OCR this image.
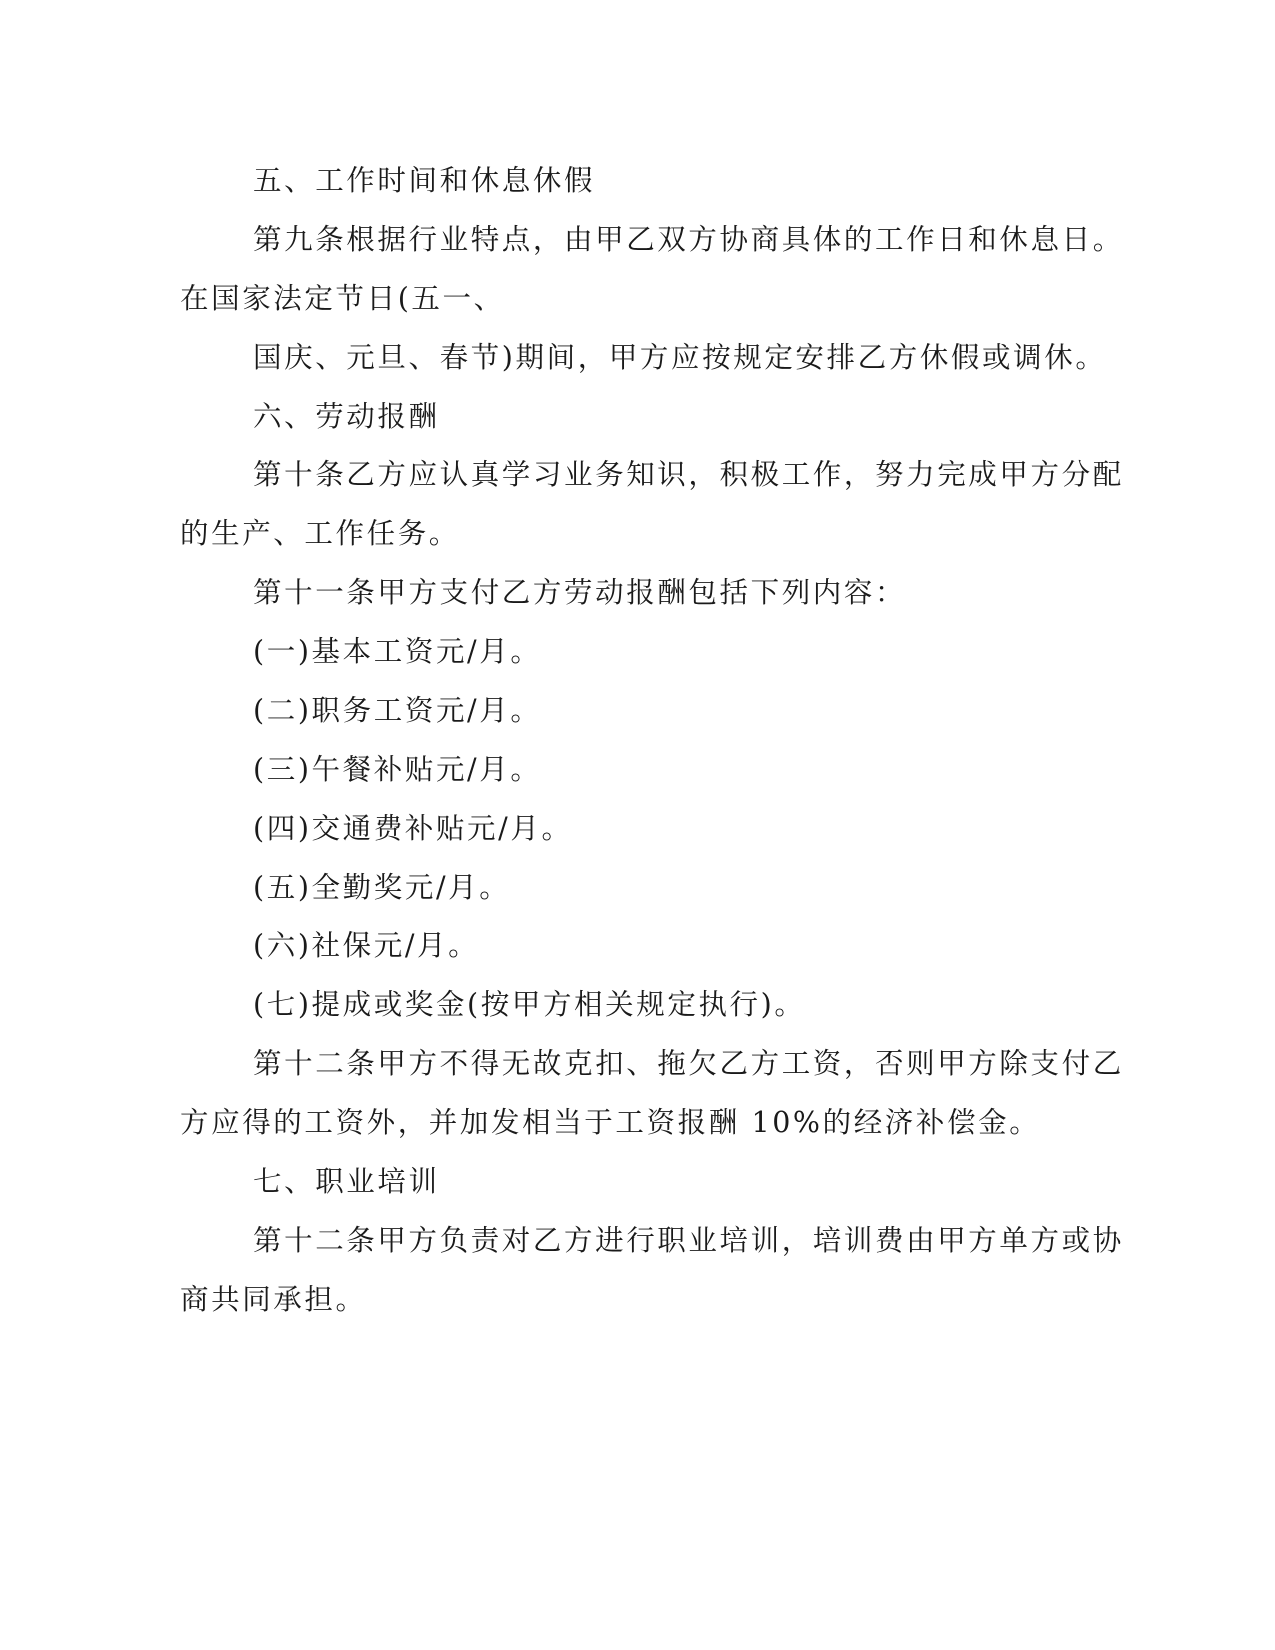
五、工作时间和休息休假
第九条根据行业特点，由甲乙双方协商具体的工作日和休息日。
在国家法定节日(五一、
国庆、元旦、春节)期间，甲方应按规定安排乙方休假或调休。
六、劳动报酬
第十条乙方应认真学习业务知识，积极工作，努力完成甲方分配
的生产、工作任务。
第十一条甲方支付乙方劳动报酬包括下列内容：
(一)基本工资元/月。
(二)职务工资元/月。
(三)午餐补贴元/月。
(四)交通费补贴元/月。
(五)全勤奖元/月。
(六)社保元/月。
(七)提成或奖金(按甲方相关规定执行)。
第十二条甲方不得无故克扣、拖欠乙方工资，否则甲方除支付乙
方应得的工资外，并加发相当于工资报酬 10%的经济补偿金。
七、职业培训
第十二条甲方负责对乙方进行职业培训，培训费由甲方单方或协
商共同承担。
